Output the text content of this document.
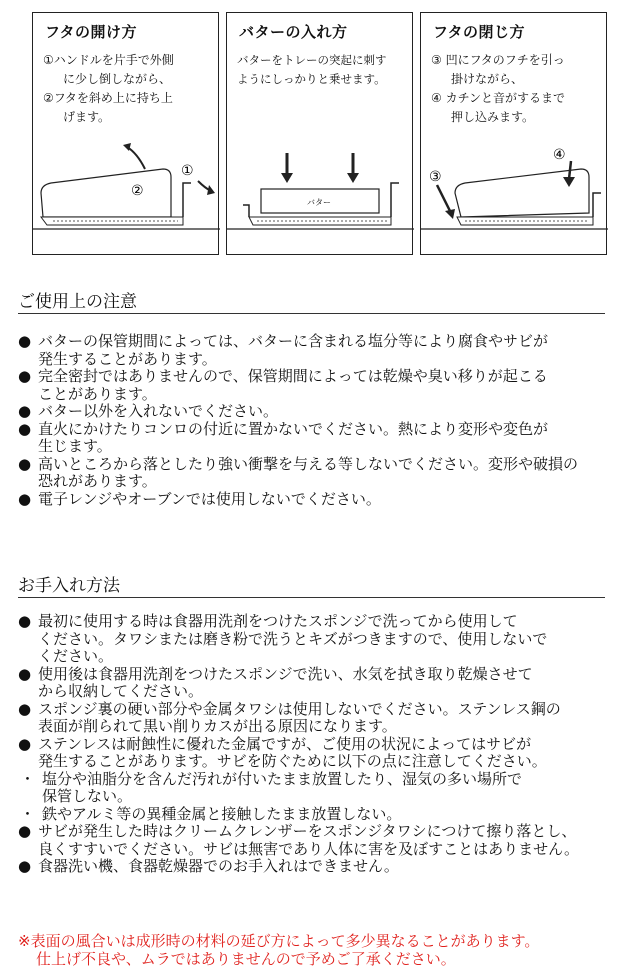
フタの開け方
①ハンドルを片手で外側
に少し倒しながら、
②フタを斜め上に持ち上
げます。
②
①
バターの入れ方
バターをトレーの突起に刺す
ようにしっかりと乗せます。
バター
フタの閉じ方
③ 凹にフタのフチを引っ
掛けながら、
④ カチンと音がするまで
押し込みます。
③
④
ご使用上の注意
● バターの保管期間によっては、バターに含まれる塩分等により腐食やサビが
発生することがあります。
● 完全密封ではありませんので、保管期間によっては乾燥や臭い移りが起こる
ことがあります。
● バター以外を入れないでください。
● 直火にかけたりコンロの付近に置かないでください。熱により変形や変色が
生じます。
● 高いところから落としたり強い衝撃を与える等しないでください。変形や破損の
恐れがあります。
● 電子レンジやオーブンでは使用しないでください。
お手入れ方法
● 最初に使用する時は食器用洗剤をつけたスポンジで洗ってから使用して
ください。タワシまたは磨き粉で洗うとキズがつきますので、使用しないで
ください。
● 使用後は食器用洗剤をつけたスポンジで洗い、水気を拭き取り乾燥させて
から収納してください。
● スポンジ裏の硬い部分や金属タワシは使用しないでください。ステンレス鋼の
表面が削られて黒い削りカスが出る原因になります。
● ステンレスは耐蝕性に優れた金属ですが、ご使用の状況によってはサビが
発生することがあります。サビを防ぐために以下の点に注意してください。
・ 塩分や油脂分を含んだ汚れが付いたまま放置したり、湿気の多い場所で
保管しない。
・ 鉄やアルミ等の異種金属と接触したまま放置しない。
● サビが発生した時はクリームクレンザーをスポンジタワシにつけて擦り落とし、
良くすすいでください。サビは無害であり人体に害を及ぼすことはありません。
● 食器洗い機、食器乾燥器でのお手入れはできません。
※表面の風合いは成形時の材料の延び方によって多少異なることがあります。
仕上げ不良や、ムラではありませんので予めご了承ください。
